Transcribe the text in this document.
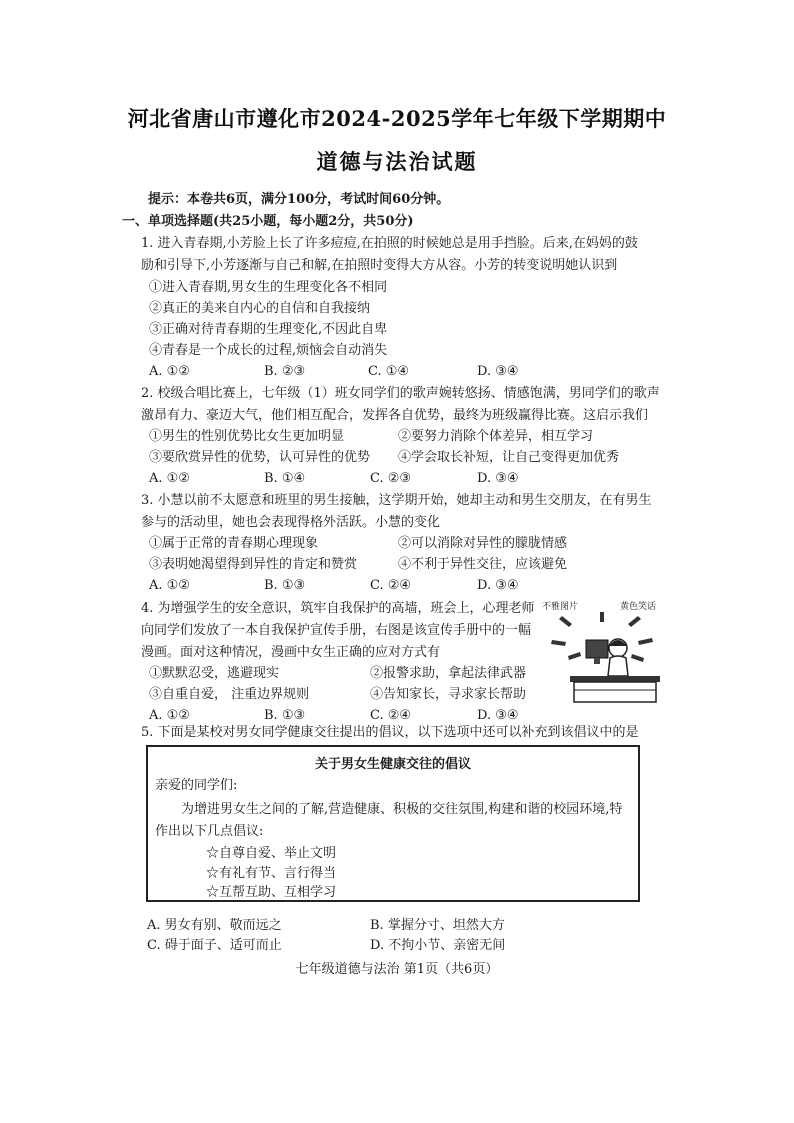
河北省唐山市遵化市2024-2025学年七年级下学期期中
道德与法治试题
提示：本卷共6页，满分100分，考试时间60分钟。
一、单项选择题(共25小题，每小题2分，共50分)
1. 进入青春期,小芳脸上长了许多痘痘,在拍照的时候她总是用手挡脸。后来,在妈妈的鼓
励和引导下,小芳逐渐与自己和解,在拍照时变得大方从容。小芳的转变说明她认识到
①进入青春期,男女生的生理变化各不相同
②真正的美来自内心的自信和自我接纳
③正确对待青春期的生理变化,不因此自卑
④青春是一个成长的过程,烦恼会自动消失
A. ①②	B. ②③	C. ①④	D. ③④
2. 校级合唱比赛上，七年级（1）班女同学们的歌声婉转悠扬、情感饱满，男同学们的歌声
激昂有力、豪迈大气，他们相互配合，发挥各自优势，最终为班级赢得比赛。这启示我们
①男生的性别优势比女生更加明显	②要努力消除个体差异，相互学习
③要欣赏异性的优势，认可异性的优势 ④学会取长补短，让自己变得更加优秀
A. ①②	B. ①④	C. ②③	D. ③④
3. 小慧以前不太愿意和班里的男生接触，这学期开始，她却主动和男生交朋友，在有男生
参与的活动里，她也会表现得格外活跃。小慧的变化
①属于正常的青春期心理现象	②可以消除对异性的朦胧情感
③表明她渴望得到异性的肯定和赞赏	④不利于异性交往，应该避免
A. ①②	B. ①③	C. ②④	D. ③④
4. 为增强学生的安全意识，筑牢自我保护的高墙，班会上，心理老师
向同学们发放了一本自我保护宣传手册，右图是该宣传手册中的一幅
漫画。面对这种情况，漫画中女生正确的应对方式有
①默默忍受，逃避现实	②报警求助，拿起法律武器
③自重自爱， 注重边界规则	④告知家长，寻求家长帮助
A. ①②	B. ①③	C. ②④	D. ③④
不雅图片	黄色笑话
5. 下面是某校对男女同学健康交往提出的倡议，以下选项中还可以补充到该倡议中的是
关于男女生健康交往的倡议
亲爱的同学们:
为增进男女生之间的了解,营造健康、积极的交往氛围,构建和谐的校园环境,特
作出以下几点倡议:
☆自尊自爱、举止文明
☆有礼有节、言行得当
☆互帮互助、互相学习
A. 男女有别、敬而远之	B. 掌握分寸、坦然大方
C. 碍于面子、适可而止	D. 不拘小节、亲密无间
七年级道德与法治 第1页（共6页）
